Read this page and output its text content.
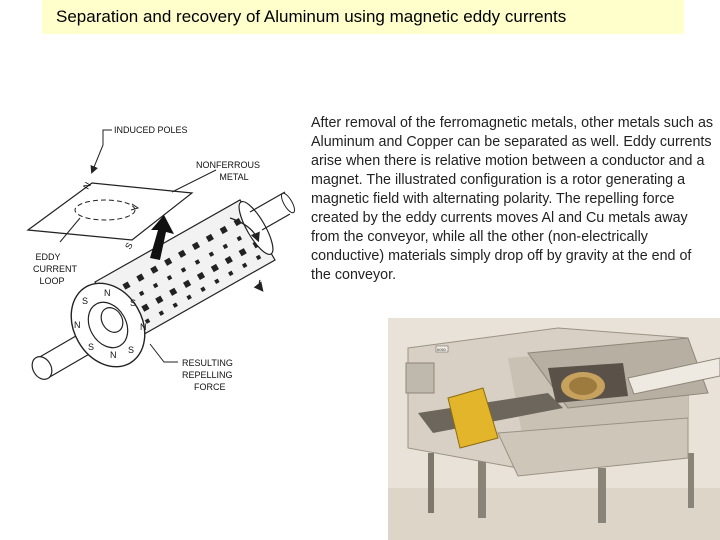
Separation and recovery of Aluminum using magnetic eddy currents
N
S
N
S
N
S
N
S
N
S
INDUCED POLES
NONFERROUS
METAL
EDDY
CURRENT
LOOP
RESULTING
REPELLING
FORCE
After removal of the ferromagnetic metals, other metals such as Aluminum and Copper can be separated as well. Eddy currents arise when there is relative motion between a conductor and a magnet. The illustrated configuration is a rotor generating a magnetic field with alternating polarity. The repelling force created by the eddy currents moves Al and Cu metals away from the conveyor, while all the other (non-electrically conductive) materials simply drop off by gravity at the end of the conveyor.
6060
